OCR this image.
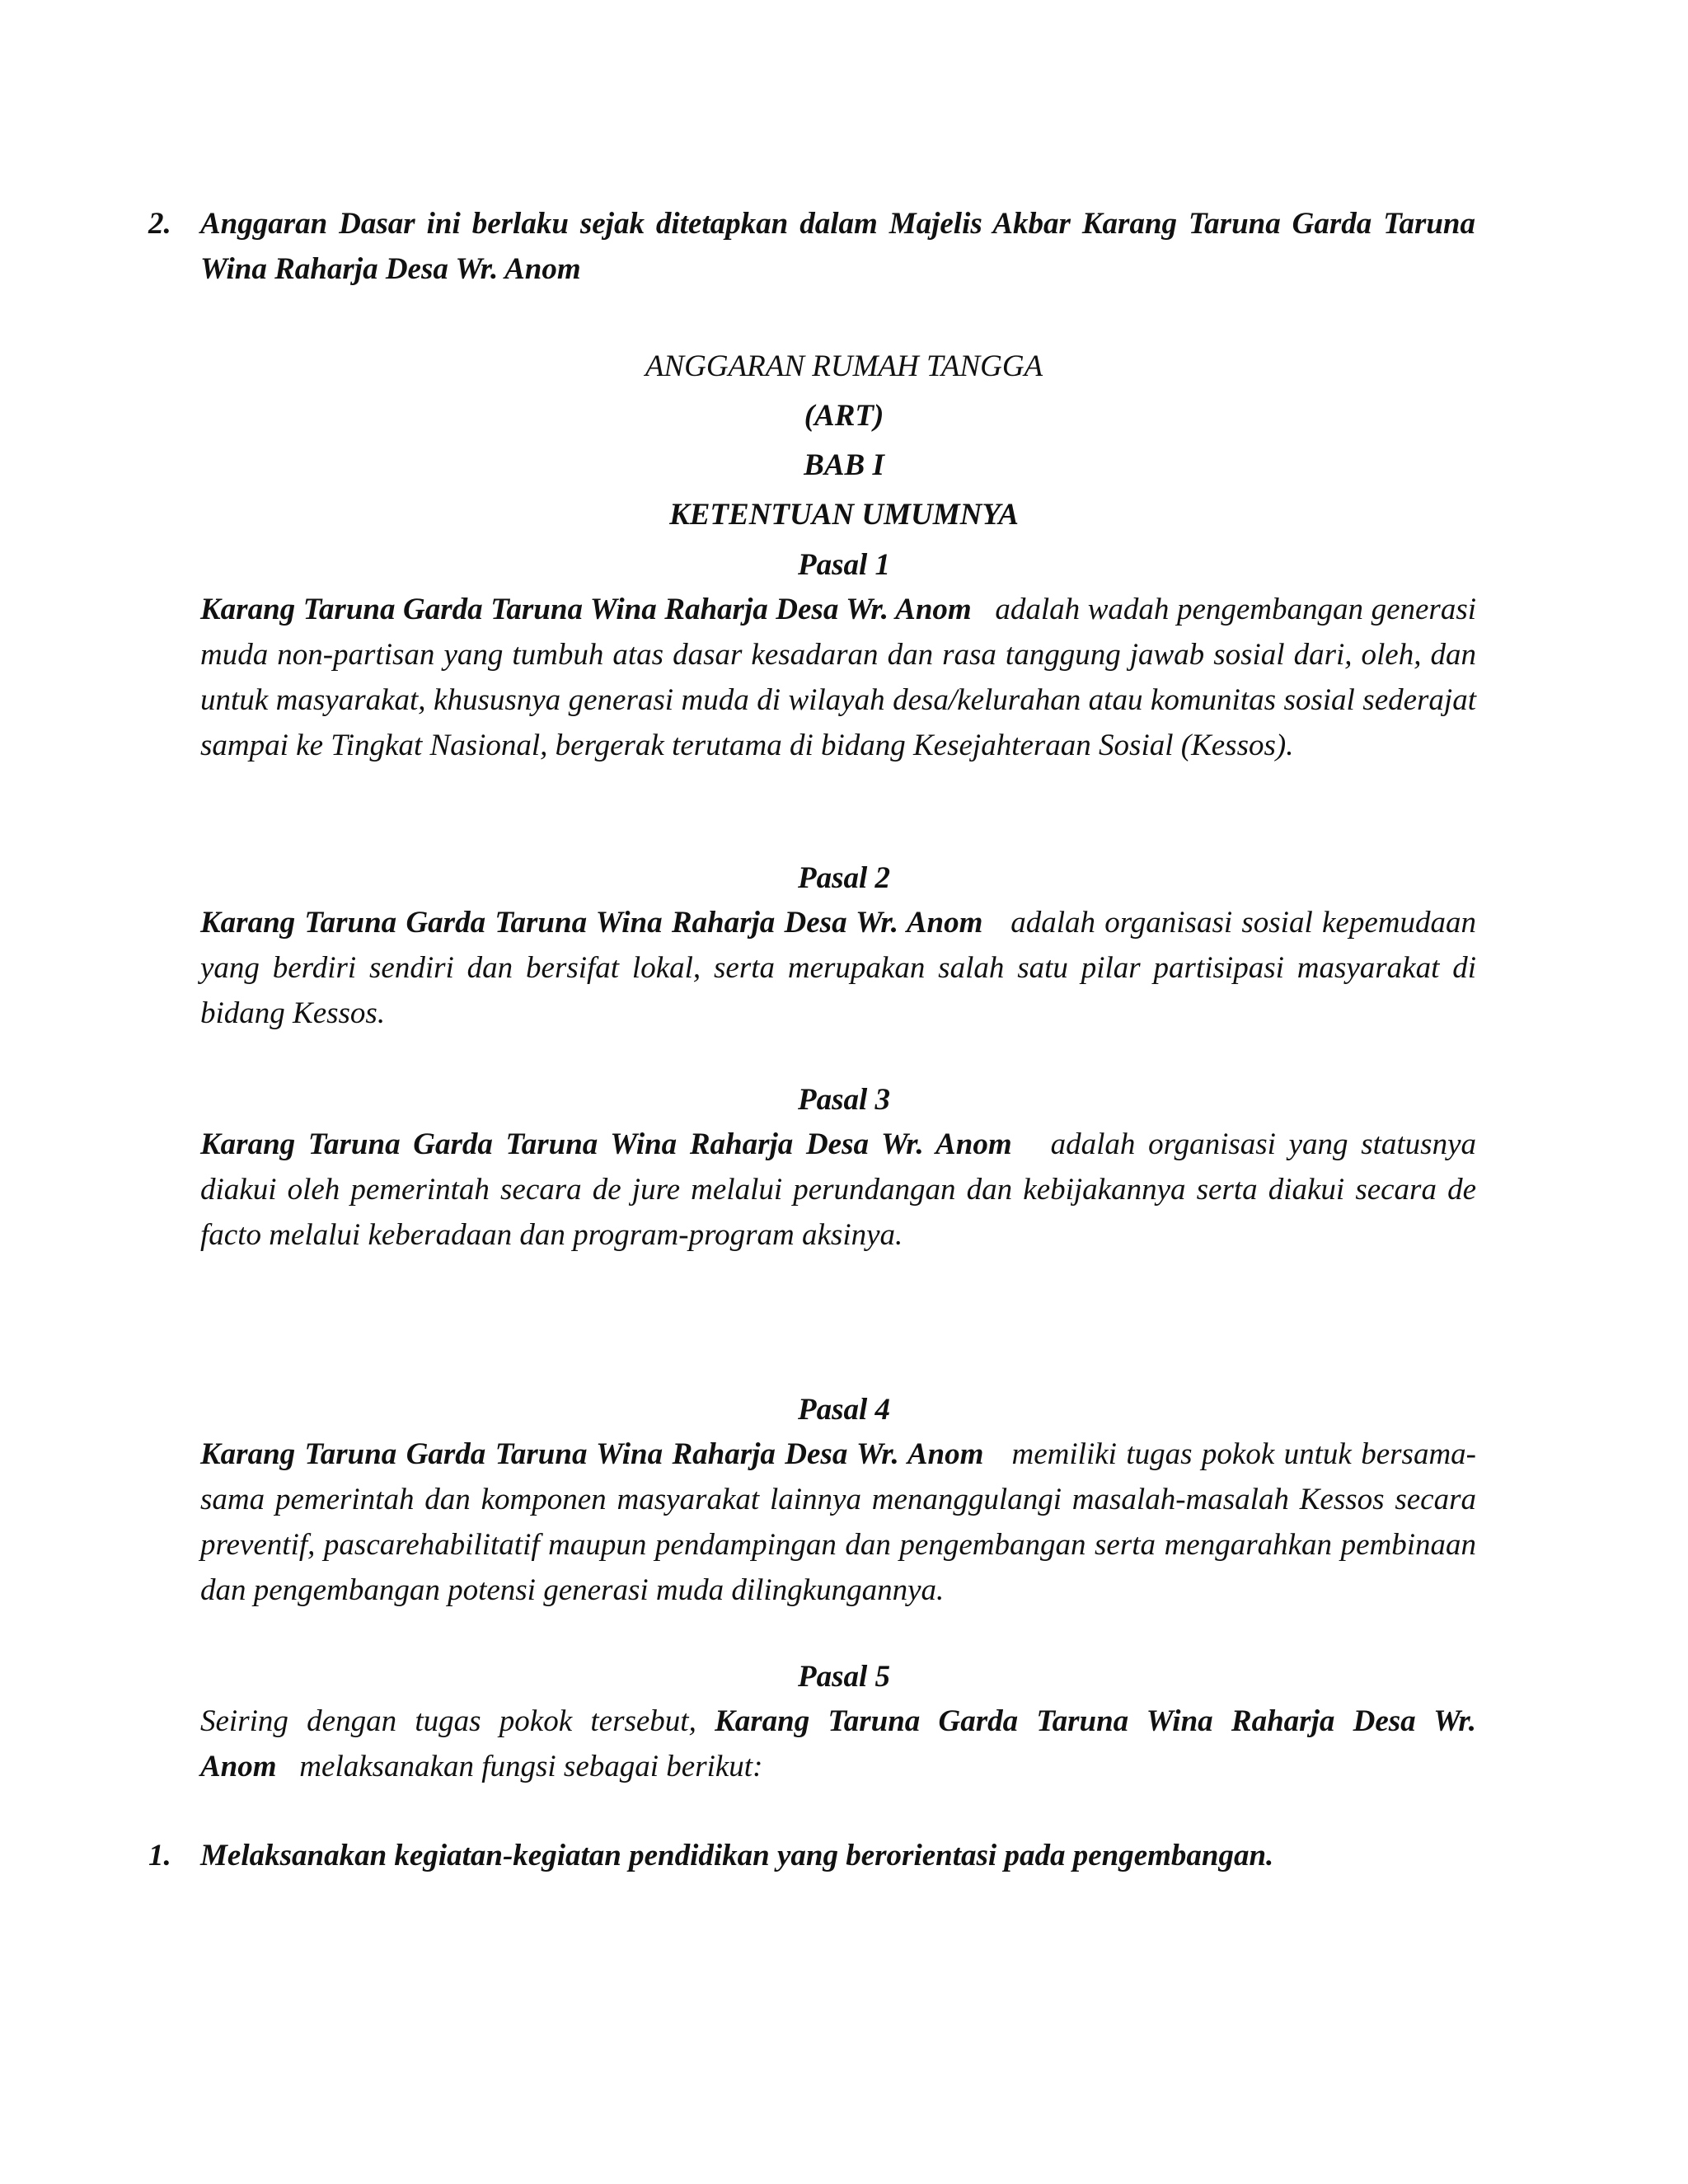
2. Anggaran Dasar ini berlaku sejak ditetapkan dalam Majelis Akbar Karang Taruna Garda Taruna Wina Raharja Desa Wr. Anom
ANGGARAN RUMAH TANGGA
(ART)
BAB I
KETENTUAN UMUMNYA
Pasal 1
Karang Taruna Garda Taruna Wina Raharja Desa Wr. Anom adalah wadah pengembangan generasi muda non-partisan yang tumbuh atas dasar kesadaran dan rasa tanggung jawab sosial dari, oleh, dan untuk masyarakat, khususnya generasi muda di wilayah desa/kelurahan atau komunitas sosial sederajat sampai ke Tingkat Nasional, bergerak terutama di bidang Kesejahteraan Sosial (Kessos).
Pasal 2
Karang Taruna Garda Taruna Wina Raharja Desa Wr. Anom adalah organisasi sosial kepemudaan yang berdiri sendiri dan bersifat lokal, serta merupakan salah satu pilar partisipasi masyarakat di bidang Kessos.
Pasal 3
Karang Taruna Garda Taruna Wina Raharja Desa Wr. Anom adalah organisasi yang statusnya diakui oleh pemerintah secara de jure melalui perundangan dan kebijakannya serta diakui secara de facto melalui keberadaan dan program-program aksinya.
Pasal 4
Karang Taruna Garda Taruna Wina Raharja Desa Wr. Anom memiliki tugas pokok untuk bersama-sama pemerintah dan komponen masyarakat lainnya menanggulangi masalah-masalah Kessos secara preventif, pascarehabilitatif maupun pendampingan dan pengembangan serta mengarahkan pembinaan dan pengembangan potensi generasi muda dilingkungannya.
Pasal 5
Seiring dengan tugas pokok tersebut, Karang Taruna Garda Taruna Wina Raharja Desa Wr. Anom melaksanakan fungsi sebagai berikut:
1. Melaksanakan kegiatan-kegiatan pendidikan yang berorientasi pada pengembangan.
